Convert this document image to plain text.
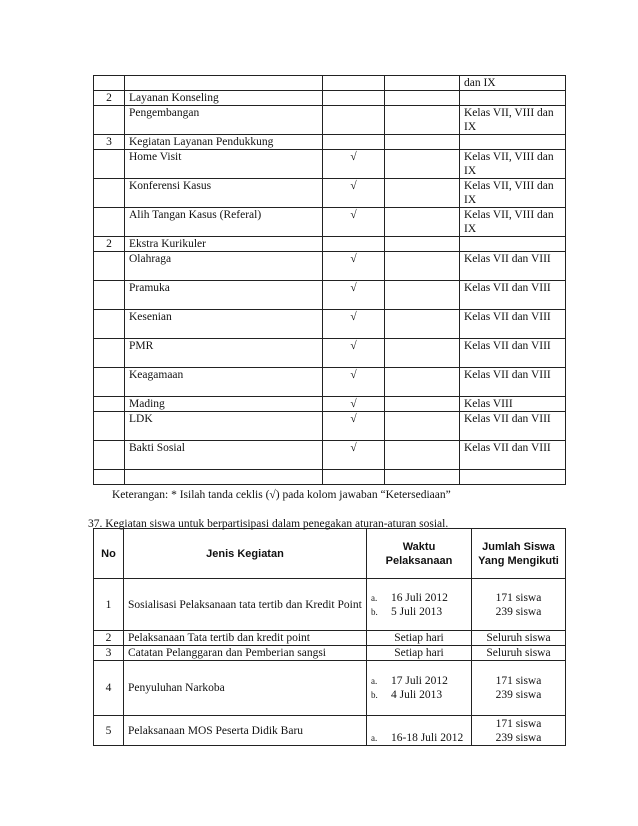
				dan IX
2	Layanan Konseling			
	Pengembangan			Kelas VII, VIII dan IX
3	Kegiatan Layanan Pendukkung			
	Home Visit	√		Kelas VII, VIII dan IX
	Konferensi Kasus	√		Kelas VII, VIII dan IX
	Alih Tangan Kasus (Referal)	√		Kelas VII, VIII dan IX
2	Ekstra Kurikuler			
	Olahraga	√		Kelas VII dan VIII
	Pramuka	√		Kelas VII dan VIII
	Kesenian	√		Kelas VII dan VIII
	PMR	√		Kelas VII dan VIII
	Keagamaan	√		Kelas VII dan VIII
	Mading	√		Kelas VIII
	LDK	√		Kelas VII dan VIII
	Bakti Sosial	√		Kelas VII dan VIII

Keterangan: * Isilah tanda ceklis (√) pada kolom jawaban “Ketersediaan”
37. Kegiatan siswa untuk berpartisipasi dalam penegakan aturan-aturan sosial.
No	Jenis Kegiatan	Waktu Pelaksanaan	Jumlah Siswa Yang Mengikuti
1	Sosialisasi Pelaksanaan tata tertib dan Kredit Point	a. 16 Juli 2012
b. 5 Juli 2013	171 siswa
239 siswa

2	Pelaksanaan Tata tertib dan kredit point	Setiap hari	Seluruh siswa

3	Catatan Pelanggaran dan Pemberian sangsi	Setiap hari	Seluruh siswa

4	Penyuluhan Narkoba	a. 17 Juli 2012
b. 4 Juli 2013	171 siswa
239 siswa

5	Pelaksanaan MOS Peserta Didik Baru	a. 16-18 Juli 2012	171 siswa
239 siswa
